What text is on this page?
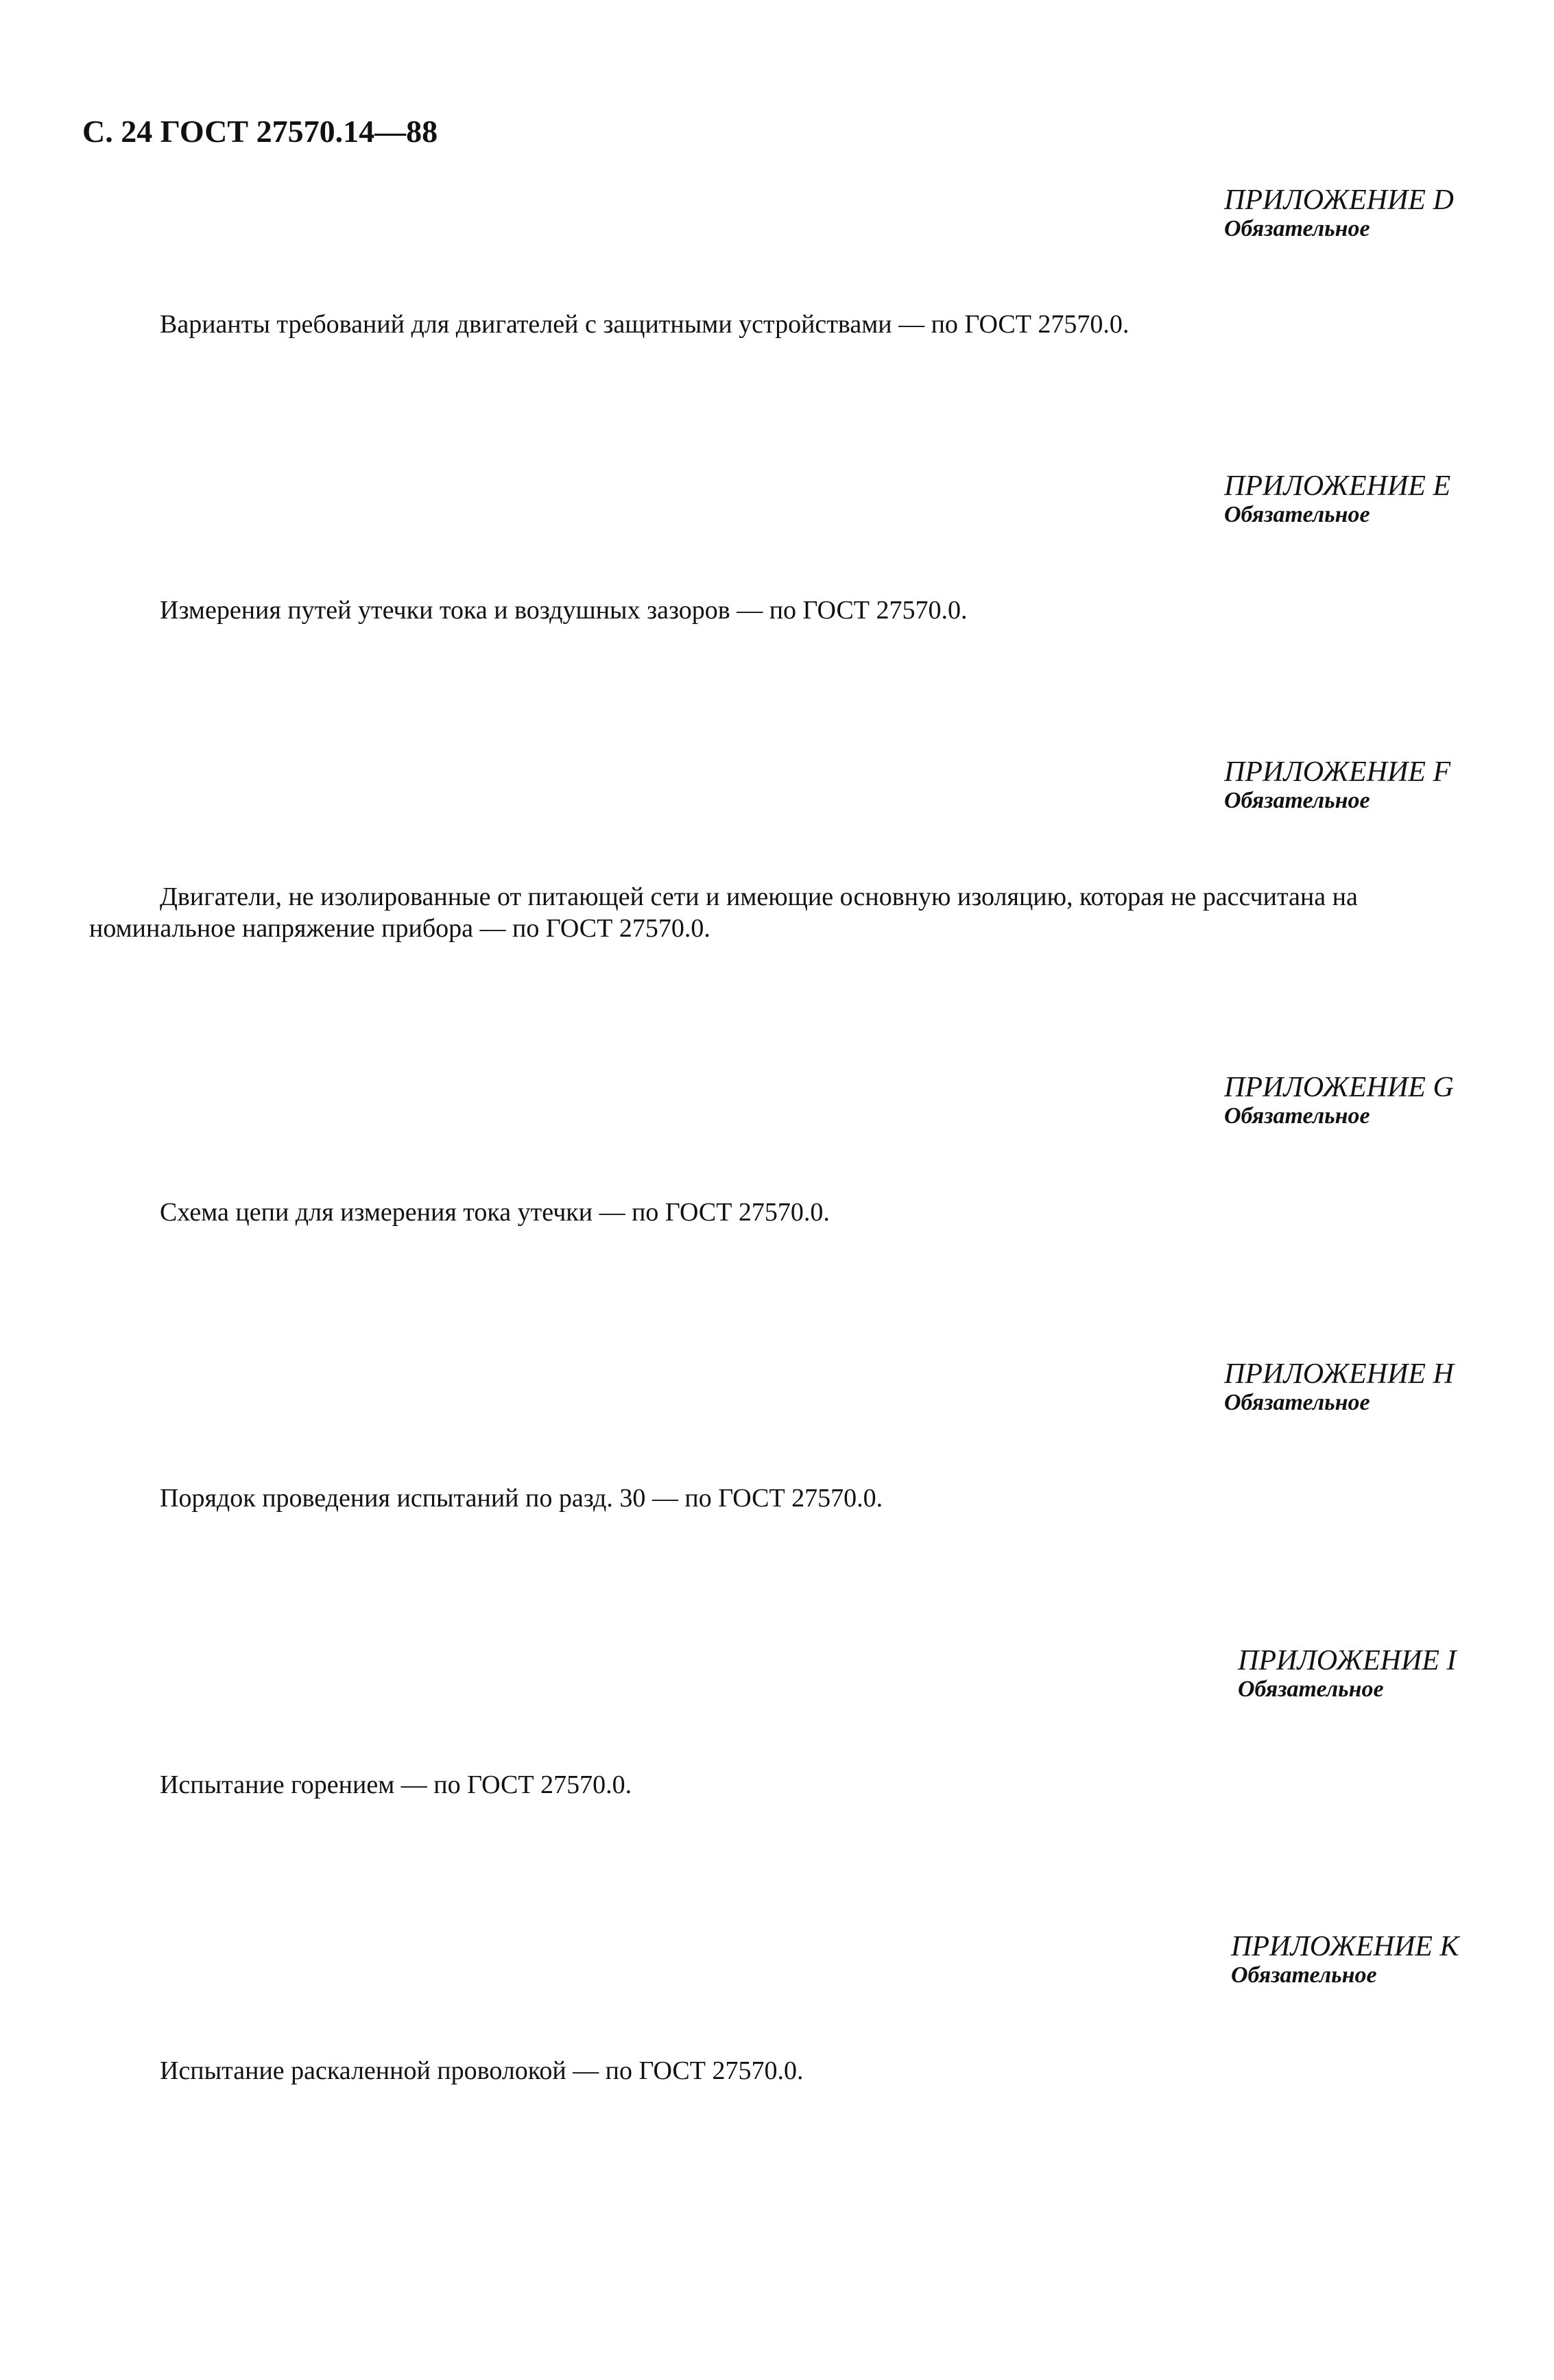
С. 24 ГОСТ 27570.14—88
ПРИЛОЖЕНИЕ D
Обязательное
Варианты требований для двигателей с защитными устройствами — по ГОСТ 27570.0.
ПРИЛОЖЕНИЕ E
Обязательное
Измерения путей утечки тока и воздушных зазоров — по ГОСТ 27570.0.
ПРИЛОЖЕНИЕ F
Обязательное
Двигатели, не изолированные от питающей сети и имеющие основную изоляцию, которая не рассчитана на номинальное напряжение прибора — по ГОСТ 27570.0.
ПРИЛОЖЕНИЕ G
Обязательное
Схема цепи для измерения тока утечки — по ГОСТ 27570.0.
ПРИЛОЖЕНИЕ H
Обязательное
Порядок проведения испытаний по разд. 30 — по ГОСТ 27570.0.
ПРИЛОЖЕНИЕ I
Обязательное
Испытание горением — по ГОСТ 27570.0.
ПРИЛОЖЕНИЕ K
Обязательное
Испытание раскаленной проволокой — по ГОСТ 27570.0.
